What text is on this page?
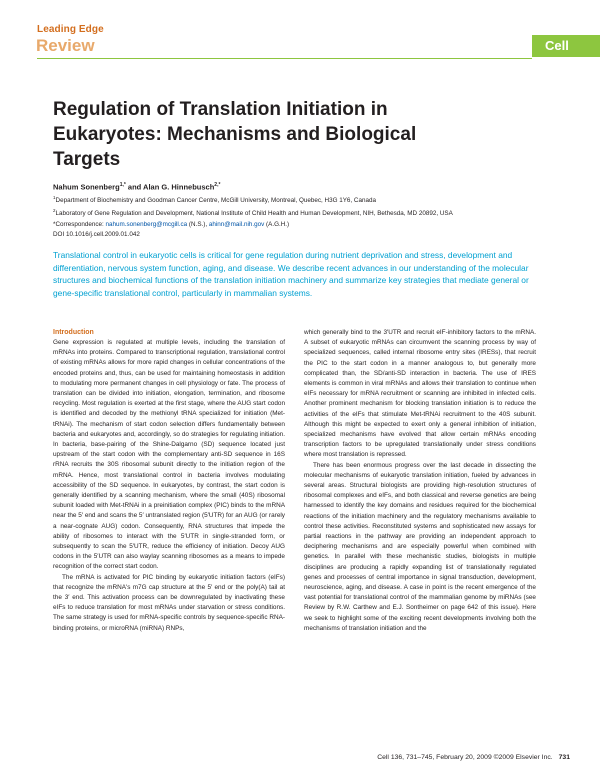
Leading Edge
Review	Cell
Regulation of Translation Initiation in Eukaryotes: Mechanisms and Biological Targets
Nahum Sonenberg$^{1,*}$ and Alan G. Hinnebusch$^{2,*}$
$^1$Department of Biochemistry and Goodman Cancer Centre, McGill University, Montreal, Quebec, H3G 1Y6, Canada
$^2$Laboratory of Gene Regulation and Development, National Institute of Child Health and Human Development, NIH, Bethesda, MD 20892, USA
*Correspondence: nahum.sonenberg@mcgill.ca (N.S.), ahinn@mail.nih.gov (A.G.H.)
DOI 10.1016/j.cell.2009.01.042

Translational control in eukaryotic cells is critical for gene regulation during nutrient deprivation and stress, development and differentiation, nervous system function, aging, and disease. We describe recent advances in our understanding of the molecular structures and biochemical functions of the translation initiation machinery and summarize key strategies that mediate general or gene-specific translational control, particularly in mammalian systems.

Introduction

Gene expression is regulated at multiple levels, including the translation of mRNAs into proteins. Compared to transcriptional regulation, translational control of existing mRNAs allows for more rapid changes in cellular concentrations of the encoded proteins and, thus, can be used for maintaining homeostasis in addition to modulating more permanent changes in cell physiology or fate. The process of translation can be divided into initiation, elongation, termination, and ribosome recycling. Most regulation is exerted at the first stage, where the AUG start codon is identified and decoded by the methionyl tRNA specialized for initiation (Met-tRNAi). The mechanism of start codon selection differs fundamentally between bacteria and eukaryotes and, accordingly, so do strategies for regulating initiation. In bacteria, base-pairing of the Shine-Dalgarno (SD) sequence located just upstream of the start codon with the complementary anti-SD sequence in 16S rRNA recruits the 30S ribosomal subunit directly to the initiation region of the mRNA. Hence, most translational control in bacteria involves modulating accessibility of the SD sequence. In eukaryotes, by contrast, the start codon is generally identified by a scanning mechanism, where the small (40S) ribosomal subunit loaded with Met-tRNAi in a preinitiation complex (PIC) binds to the mRNA near the 5′ end and scans the 5′ untranslated region (5′UTR) for an AUG (or rarely a near-cognate AUG) codon. Consequently, RNA structures that impede the ability of ribosomes to interact with the 5′UTR in single-stranded form, or subsequently to scan the 5′UTR, reduce the efficiency of initiation. Decoy AUG codons in the 5′UTR can also waylay scanning ribosomes as a means to impede recognition of the correct start codon.

The mRNA is activated for PIC binding by eukaryotic initiation factors (eIFs) that recognize the mRNA's m7G cap structure at the 5′ end or the poly(A) tail at the 3′ end. This activation process can be downregulated by inactivating these eIFs to reduce translation for most mRNAs under starvation or stress conditions. The same strategy is used for mRNA-specific controls by sequence-specific RNA-binding proteins, or microRNA (miRNA) RNPs,

which generally bind to the 3′UTR and recruit eIF-inhibitory factors to the mRNA. A subset of eukaryotic mRNAs can circumvent the scanning process by way of specialized sequences, called internal ribosome entry sites (IRESs), that recruit the PIC to the start codon in a manner analogous to, but generally more complicated than, the SD/anti-SD interaction in bacteria. The use of IRES elements is common in viral mRNAs and allows their translation to continue when eIFs necessary for mRNA recruitment or scanning are inhibited in infected cells. Another prominent mechanism for blocking translation initiation is to reduce the activities of the eIFs that stimulate Met-tRNAi recruitment to the 40S subunit. Although this might be expected to exert only a general inhibition of initiation, specialized mechanisms have evolved that allow certain mRNAs encoding transcription factors to be upregulated translationally under stress conditions where most translation is repressed.

There has been enormous progress over the last decade in dissecting the molecular mechanisms of eukaryotic translation initiation, fueled by advances in several areas. Structural biologists are providing high-resolution structures of ribosomal complexes and eIFs, and both classical and reverse genetics are being harnessed to identify the key domains and residues required for the biochemical reactions of the initiation machinery and the regulatory mechanisms available to control these activities. Reconstituted systems and sophisticated new assays for partial reactions in the pathway are providing an independent approach to deciphering mechanisms and are especially powerful when combined with genetics. In parallel with these mechanistic studies, biologists in multiple disciplines are producing a rapidly expanding list of translationally regulated genes and processes of central importance in signal transduction, development, neuroscience, aging, and disease. A case in point is the recent emergence of the vast potential for translational control of the mammalian genome by miRNAs (see Review by R.W. Carthew and E.J. Sontheimer on page 642 of this issue). Here we seek to highlight some of the exciting recent developments involving both the mechanisms of translation initiation and the

Cell 136, 731–745, February 20, 2009 ©2009 Elsevier Inc. 731
